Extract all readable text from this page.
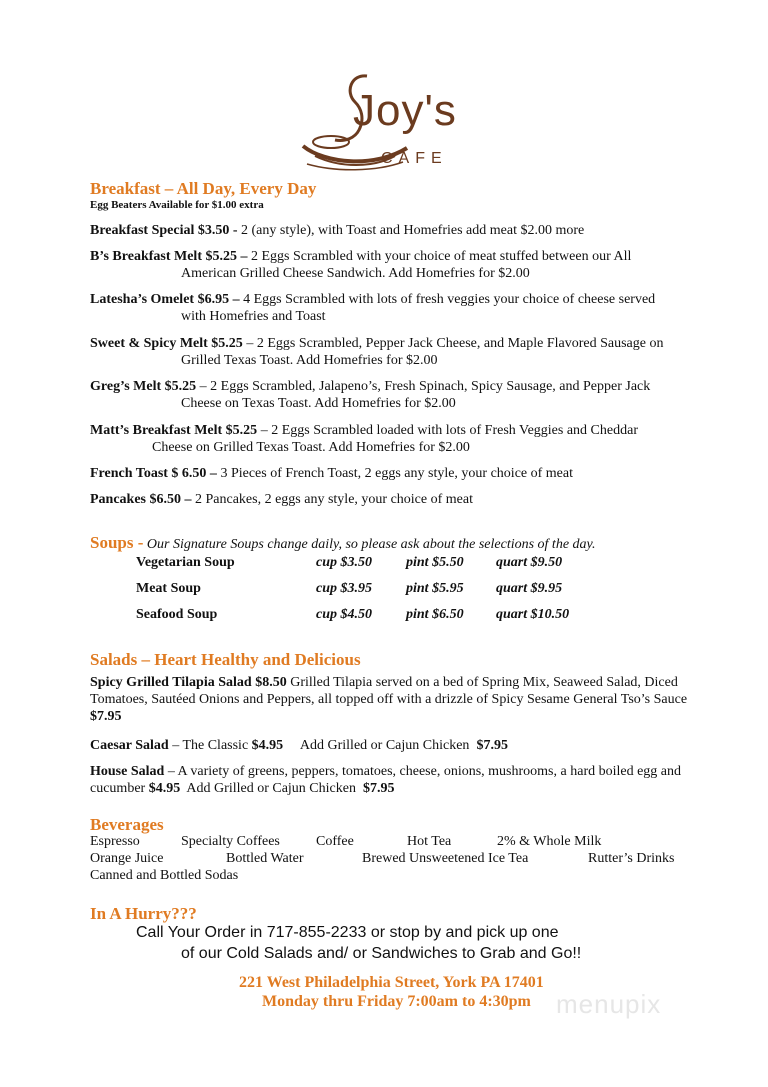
Joy's
CAFE
Breakfast – All Day, Every Day
Egg Beaters Available for $1.00 extra
Breakfast Special $3.50 - 2 (any style), with Toast and Homefries add meat $2.00 more
B’s Breakfast Melt $5.25 – 2 Eggs Scrambled with your choice of meat stuffed between our All
American Grilled Cheese Sandwich. Add Homefries for $2.00
Latesha’s Omelet $6.95 – 4 Eggs Scrambled with lots of fresh veggies your choice of cheese served
with Homefries and Toast
Sweet & Spicy Melt $5.25 – 2 Eggs Scrambled, Pepper Jack Cheese, and Maple Flavored Sausage on
Grilled Texas Toast. Add Homefries for $2.00
Greg’s Melt $5.25 – 2 Eggs Scrambled, Jalapeno’s, Fresh Spinach, Spicy Sausage, and Pepper Jack
Cheese on Texas Toast. Add Homefries for $2.00
Matt’s Breakfast Melt $5.25 – 2 Eggs Scrambled loaded with lots of Fresh Veggies and Cheddar
Cheese on Grilled Texas Toast. Add Homefries for $2.00
French Toast $ 6.50 – 3 Pieces of French Toast, 2 eggs any style, your choice of meat
Pancakes $6.50 – 2 Pancakes, 2 eggs any style, your choice of meat
Soups - Our Signature Soups change daily, so please ask about the selections of the day.
Vegetarian Soup	cup $3.50 pint $5.50 quart $9.50
Meat Soup	cup $3.95 pint $5.95 quart $9.95
Seafood Soup	cup $4.50 pint $6.50 quart $10.50
Salads – Heart Healthy and Delicious
Spicy Grilled Tilapia Salad $8.50 Grilled Tilapia served on a bed of Spring Mix, Seaweed Salad, Diced Tomatoes, Sautéed Onions and Peppers, all topped off with a drizzle of Spicy Sesame General Tso’s Sauce $7.95
Caesar Salad – The Classic $4.95     Add Grilled or Cajun Chicken  $7.95
House Salad – A variety of greens, peppers, tomatoes, cheese, onions, mushrooms, a hard boiled egg and cucumber $4.95  Add Grilled or Cajun Chicken  $7.95
Beverages
Espresso	Specialty Coffees	Coffee	Hot Tea	2% & Whole Milk
Orange Juice	Bottled Water	Brewed Unsweetened Ice Tea	Rutter’s Drinks
Canned and Bottled Sodas
In A Hurry???
Call Your Order in 717-855-2233 or stop by and pick up one
of our Cold Salads and/ or Sandwiches to Grab and Go!!
221 West Philadelphia Street, York PA 17401
Monday thru Friday 7:00am to 4:30pm menupix
